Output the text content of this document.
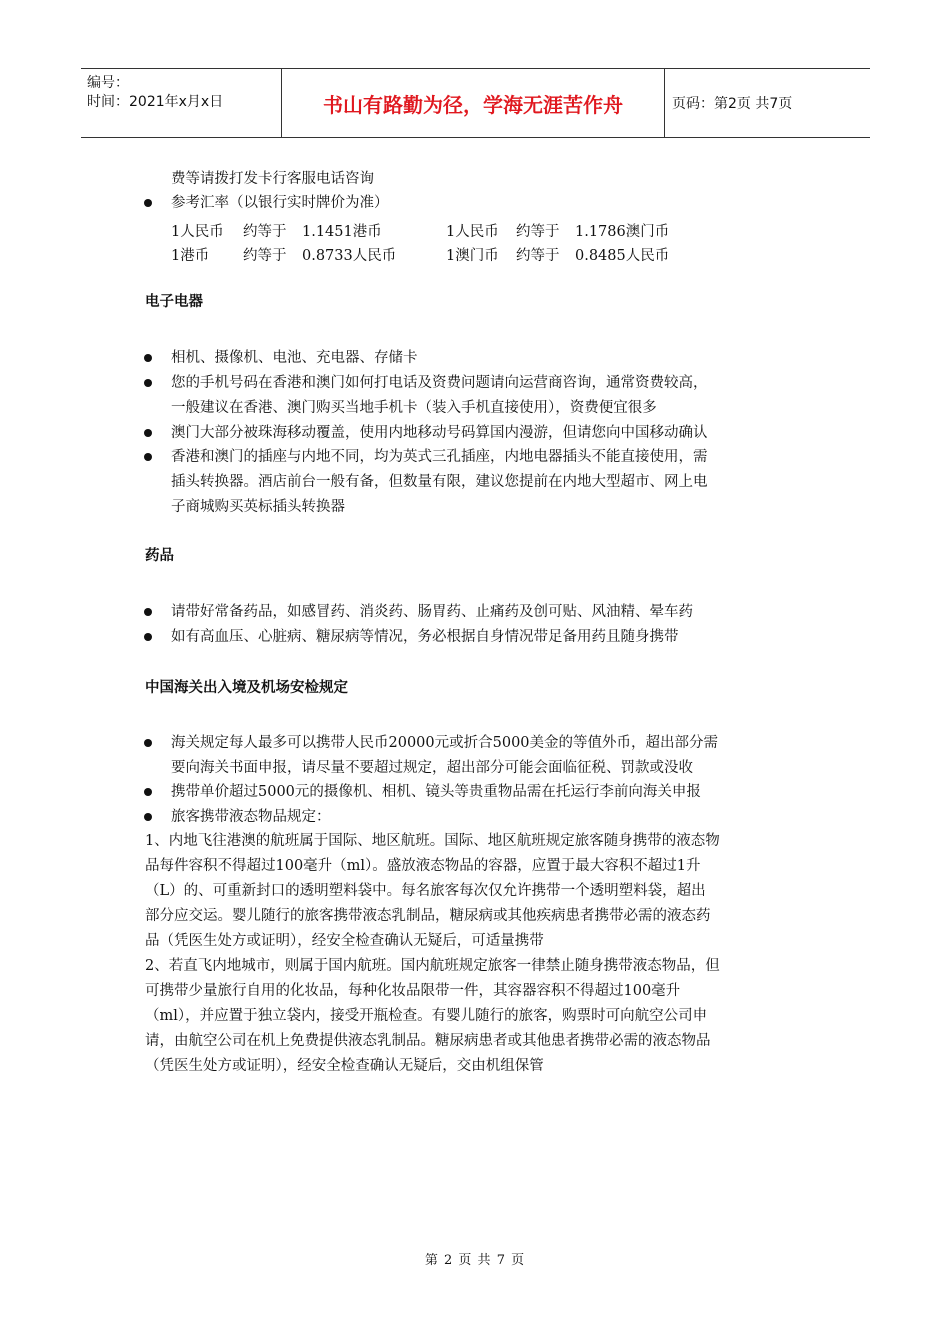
编号：
时间：2021年x月x日	书山有路勤为径，学海无涯苦作舟	页码：第2页 共7页
费等请拨打发卡行客服电话咨询
参考汇率（以银行实时牌价为准）
1人民币 约等于 1.1451港币	1人民币 约等于 1.1786澳门币
1港币 约等于 0.8733人民币	1澳门币 约等于 0.8485人民币
电子电器
相机、摄像机、电池、充电器、存储卡
您的手机号码在香港和澳门如何打电话及资费问题请向运营商咨询，通常资费较高，
一般建议在香港、澳门购买当地手机卡（装入手机直接使用），资费便宜很多
澳门大部分被珠海移动覆盖，使用内地移动号码算国内漫游，但请您向中国移动确认
香港和澳门的插座与内地不同，均为英式三孔插座，内地电器插头不能直接使用，需
插头转换器。酒店前台一般有备，但数量有限，建议您提前在内地大型超市、网上电
子商城购买英标插头转换器
药品
请带好常备药品，如感冒药、消炎药、肠胃药、止痛药及创可贴、风油精、晕车药
如有高血压、心脏病、糖尿病等情况，务必根据自身情况带足备用药且随身携带
中国海关出入境及机场安检规定
海关规定每人最多可以携带人民币20000元或折合5000美金的等值外币，超出部分需
要向海关书面申报，请尽量不要超过规定，超出部分可能会面临征税、罚款或没收
携带单价超过5000元的摄像机、相机、镜头等贵重物品需在托运行李前向海关申报
旅客携带液态物品规定：
1、内地飞往港澳的航班属于国际、地区航班。国际、地区航班规定旅客随身携带的液态物
品每件容积不得超过100毫升（ml）。盛放液态物品的容器，应置于最大容积不超过1升
（L）的、可重新封口的透明塑料袋中。每名旅客每次仅允许携带一个透明塑料袋，超出
部分应交运。婴儿随行的旅客携带液态乳制品，糖尿病或其他疾病患者携带必需的液态药
品（凭医生处方或证明），经安全检查确认无疑后，可适量携带
2、若直飞内地城市，则属于国内航班。国内航班规定旅客一律禁止随身携带液态物品，但
可携带少量旅行自用的化妆品，每种化妆品限带一件，其容器容积不得超过100毫升
（ml），并应置于独立袋内，接受开瓶检查。有婴儿随行的旅客，购票时可向航空公司申
请，由航空公司在机上免费提供液态乳制品。糖尿病患者或其他患者携带必需的液态物品
（凭医生处方或证明），经安全检查确认无疑后，交由机组保管
第 2 页 共 7 页
